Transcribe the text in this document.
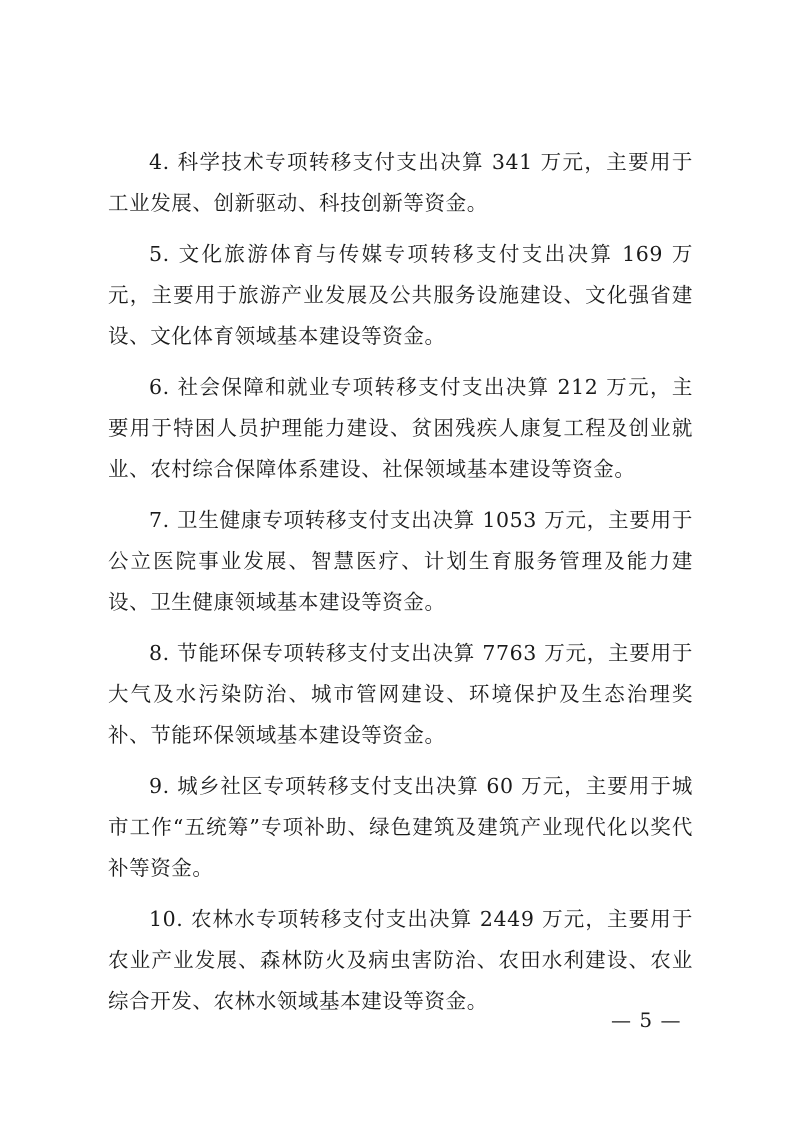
4. 科学技术专项转移支付支出决算 341 万元，主要用于工业发展、创新驱动、科技创新等资金。

5. 文化旅游体育与传媒专项转移支付支出决算 169 万元，主要用于旅游产业发展及公共服务设施建设、文化强省建设、文化体育领域基本建设等资金。

6. 社会保障和就业专项转移支付支出决算 212 万元，主要用于特困人员护理能力建设、贫困残疾人康复工程及创业就业、农村综合保障体系建设、社保领域基本建设等资金。

7. 卫生健康专项转移支付支出决算 1053 万元，主要用于公立医院事业发展、智慧医疗、计划生育服务管理及能力建设、卫生健康领域基本建设等资金。

8. 节能环保专项转移支付支出决算 7763 万元，主要用于大气及水污染防治、城市管网建设、环境保护及生态治理奖补、节能环保领域基本建设等资金。

9. 城乡社区专项转移支付支出决算 60 万元，主要用于城市工作“五统筹”专项补助、绿色建筑及建筑产业现代化以奖代补等资金。

10. 农林水专项转移支付支出决算 2449 万元，主要用于农业产业发展、森林防火及病虫害防治、农田水利建设、农业综合开发、农林水领域基本建设等资金。

— 5 —
